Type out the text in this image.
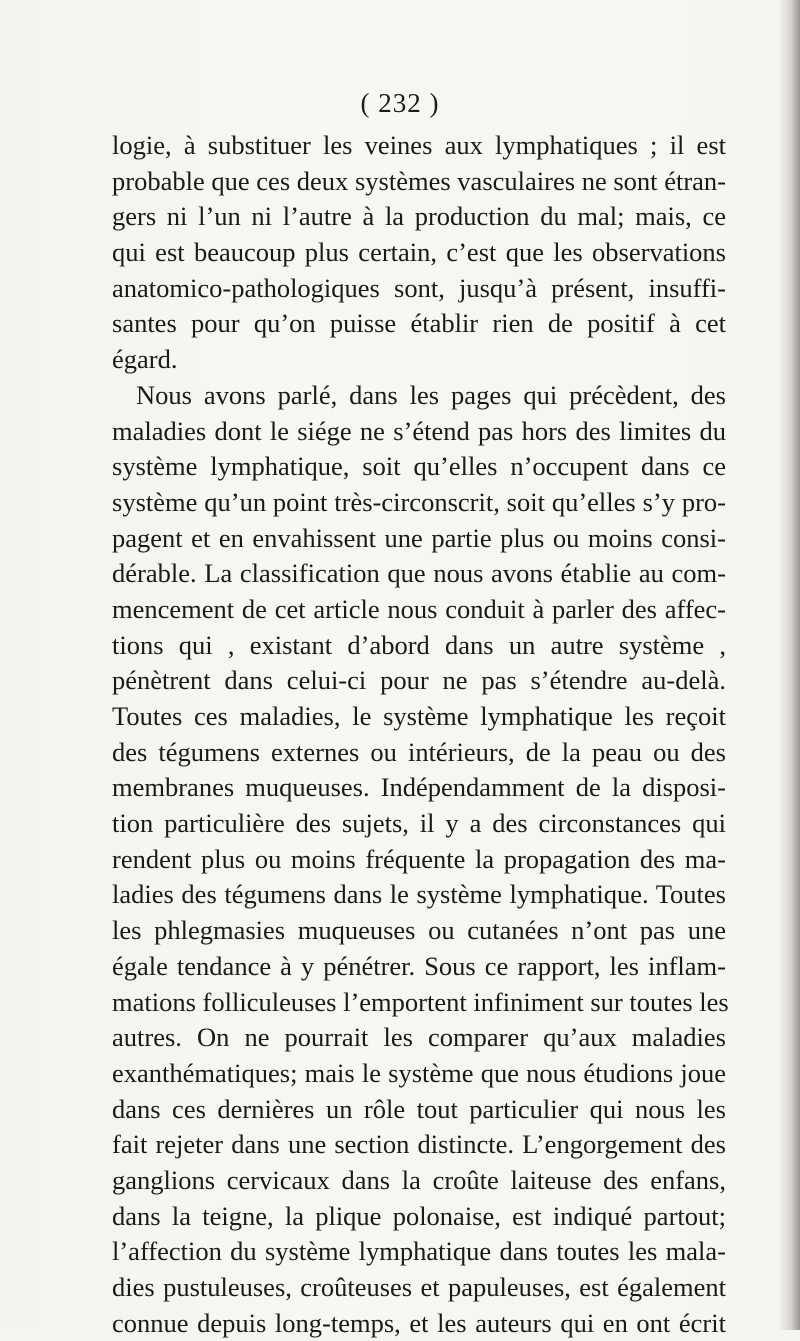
( 232 )
logie, à substituer les veines aux lymphatiques ; il est
probable que ces deux systèmes vasculaires ne sont étran-
gers ni l’un ni l’autre à la production du mal; mais, ce
qui est beaucoup plus certain, c’est que les observations
anatomico-pathologiques sont, jusqu’à présent, insuffi-
santes pour qu’on puisse établir rien de positif à cet
égard.
Nous avons parlé, dans les pages qui précèdent, des
maladies dont le siége ne s’étend pas hors des limites du
système lymphatique, soit qu’elles n’occupent dans ce
système qu’un point très-circonscrit, soit qu’elles s’y pro-
pagent et en envahissent une partie plus ou moins consi-
dérable. La classification que nous avons établie au com-
mencement de cet article nous conduit à parler des affec-
tions qui , existant d’abord dans un autre système ,
pénètrent dans celui-ci pour ne pas s’étendre au-delà.
Toutes ces maladies, le système lymphatique les reçoit
des tégumens externes ou intérieurs, de la peau ou des
membranes muqueuses. Indépendamment de la disposi-
tion particulière des sujets, il y a des circonstances qui
rendent plus ou moins fréquente la propagation des ma-
ladies des tégumens dans le système lymphatique. Toutes
les phlegmasies muqueuses ou cutanées n’ont pas une
égale tendance à y pénétrer. Sous ce rapport, les inflam-
mations folliculeuses l’emportent infiniment sur toutes les
autres. On ne pourrait les comparer qu’aux maladies
exanthématiques; mais le système que nous étudions joue
dans ces dernières un rôle tout particulier qui nous les
fait rejeter dans une section distincte. L’engorgement des
ganglions cervicaux dans la croûte laiteuse des enfans,
dans la teigne, la plique polonaise, est indiqué partout;
l’affection du système lymphatique dans toutes les mala-
dies pustuleuses, croûteuses et papuleuses, est également
connue depuis long-temps, et les auteurs qui en ont écrit
